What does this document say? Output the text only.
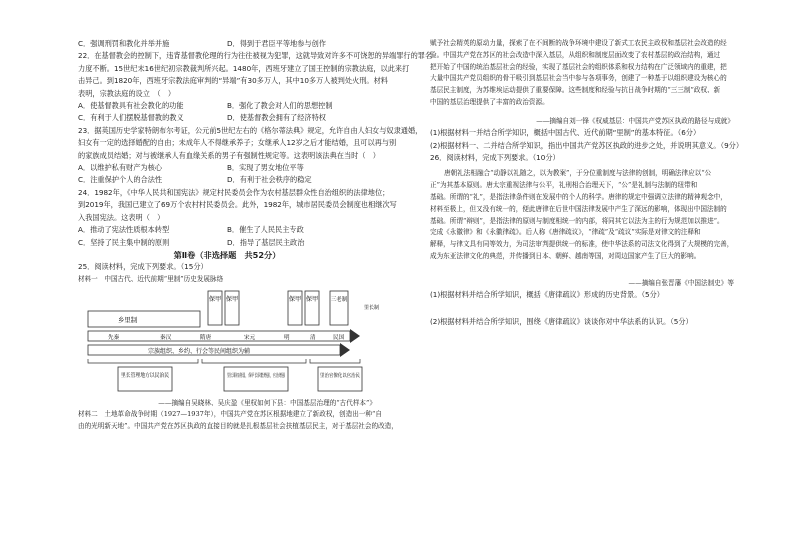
C．强调刑罚和教化并举并施	D．得到于君臣平等地参与创作
22．在基督教会的控制下，违背基督教伦理的行为往往被视为犯罪，这就导致对许多不可饶恕的异端罪行的罪名
力度不断。15世纪末16世纪初宗教裁判所兴起。1480年，西班牙建立了国王控制的宗教法庭，以此来打
击异己。到1820年，西班牙宗教法庭审判的“异端”有30多万人，其中10多万人被判处火刑。材料
表明，宗教法庭的设立　（　）
A．使基督教具有社会教化的功能	B．强化了教会对人们的思想控制
C．有利于人们摆脱基督教的教义	D．使基督教会拥有了经济特权
23．据英国历史学家特朗布尔考证，公元前5世纪左右的《格尔蒂法典》规定，允许自由人妇女与奴隶通婚，
妇女有一定的选择婚配的自由；未成年人不得继承养子；女继承人12岁之后才能结婚，且可以再与别
的家族成员结婚；对与被继承人有血缘关系的男子有强制性规定等。这表明该法典在当时（　）
A．以维护私有财产为核心	B．实现了男女地位平等
C．注重保护个人的合法性	D．有利于社会秩序的稳定
24．1982年，《中华人民共和国宪法》规定村民委员会作为农村基层群众性自治组织的法律地位；
到2019年，我国已建立了69万个农村村民委员会。此外，1982年，城市居民委员会制度也相继次写
入我国宪法。这表明（　）
A．推动了宪法性质根本转型	B．催生了人民民主专政
C．坚持了民主集中制的原则	D．指导了基层民主政治
第Ⅱ卷（非选择题　共52分）
25．阅读材料，完成下列要求。（15分）
材料一　中国古代、近代前期“里制”历史发展脉络
保甲 保甲	保甲 保甲 三老制
乡里制
先秦	秦汉	隋唐	宋元	明	清	民国
宗族组织、乡约、行会等民间组织为辅
里长管理地方以民治民	里长职权削弱，保甲长职能增强，官治增强
里治官僚化以官治民
里长制
——摘编自吴晓林、吴庆盈《里权如何下县：中国基层治理的“古代样本”》
材料二　土地革命战争时期（1927—1937年），中国共产党在苏区根据地建立了新政权，创造出一种“自
由的光明新天地”。中国共产党在苏区执政的直接目的就是扎根基层社会扶植基层民主，对于基层社会的改造，
赋予社会精英的原动力量，探索了在不间断的战争环境中建设了新式工农民主政权和基层社会改造的经
验。中国共产党在苏区的社会改造中深入基层，从组织和制度层面改变了农村基层的政治结构，通过
把开始了中国的统治基层社会的经验，实现了基层社会的组织体系和权力结构在广泛领域内的重建，把
大量中国共产党员组织的骨干吸引到基层社会当中参与各项事务，创建了一种基于以组织建设为核心的
基层民主制度，为苏维埃运动提供了重要保障。这些制度和经验与抗日战争时期的“三三制”政权、新
中国的基层治理提供了丰富的政治资源。
——摘编自刘一锋《权威基层：中国共产党苏区执政的路径与成就》
(1)根据材料一并结合所学知识，概括中国古代、近代前期“里制”的基本特征。（6分）
(2)根据材料一、二并结合所学知识，指出中国共产党苏区执政的进步之处，并说明其意义。（9分）
26．阅读材料，完成下列要求。（10分）
唐朝礼法相融合“动静以礼随之，以为教案”，于分位重制度与法律的创制，明确法律应以“公
正”为其基本原则。唐太宗重视法律与公平，礼刑相合治理天下，“公”是礼制与法制的纽带和
基础。所谓的“礼”，是指法律条件则在发展中的个人的科学。唐律的规定中强调立法律的精神观念中，
材料至极上，但又没有统一的，便此唐律在后世中国法律发展中产生了深远的影响，体现出中国法制的
基础。所谓“辩则”，是指法律的原则与制度相统一的内部，将同其它以法为主的行为规范加以推进“。
完成《永徽律》和《永徽律疏》。后人称《唐律疏议》，“律疏”及“疏议”实际是对律文的注释和
解释，与律文具有同等效力，为司法审判提供统一的标准，使中华法系的司法文化得到了大规模的完善，
成为东亚法律文化的典范，并传播到日本、朝鲜、越南等国，对周边国家产生了巨大的影响。
——摘编自张晋藩《中国法制史》等
(1)根据材料并结合所学知识，概括《唐律疏议》形成的历史背景。（5分）
(2)根据材料并结合所学知识，围绕《唐律疏议》谈谈你对中华法系的认识。（5分）
